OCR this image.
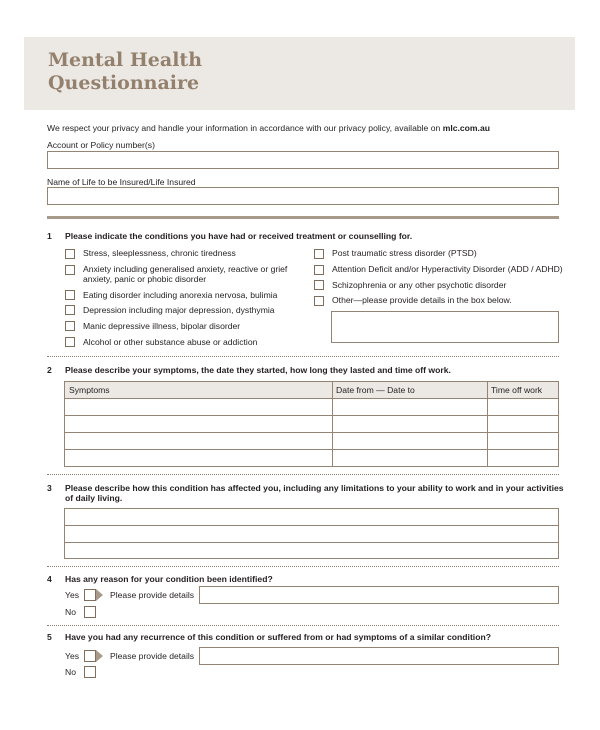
Mental Health
Questionnaire
We respect your privacy and handle your information in accordance with our privacy policy, available on mlc.com.au
Account or Policy number(s)
Name of Life to be Insured/Life Insured
1 Please indicate the conditions you have had or received treatment or counselling for.
Stress, sleeplessness, chronic tiredness
Anxiety including generalised anxiety, reactive or grief
anxiety, panic or phobic disorder
Eating disorder including anorexia nervosa, bulimia
Depression including major depression, dysthymia
Manic depressive illness, bipolar disorder
Alcohol or other substance abuse or addiction
Post traumatic stress disorder (PTSD)
Attention Deficit and/or Hyperactivity Disorder (ADD / ADHD)
Schizophrenia or any other psychotic disorder
Other—please provide details in the box below.
2 Please describe your symptoms, the date they started, how long they lasted and time off work.
Symptoms	Date from — Date to	Time off work
3 Please describe how this condition has affected you, including any limitations to your ability to work and in your activities
of daily living.
4 Has any reason for your condition been identified?
Yes	Please provide details
No
5 Have you had any recurrence of this condition or suffered from or had symptoms of a similar condition?
Yes	Please provide details
No
